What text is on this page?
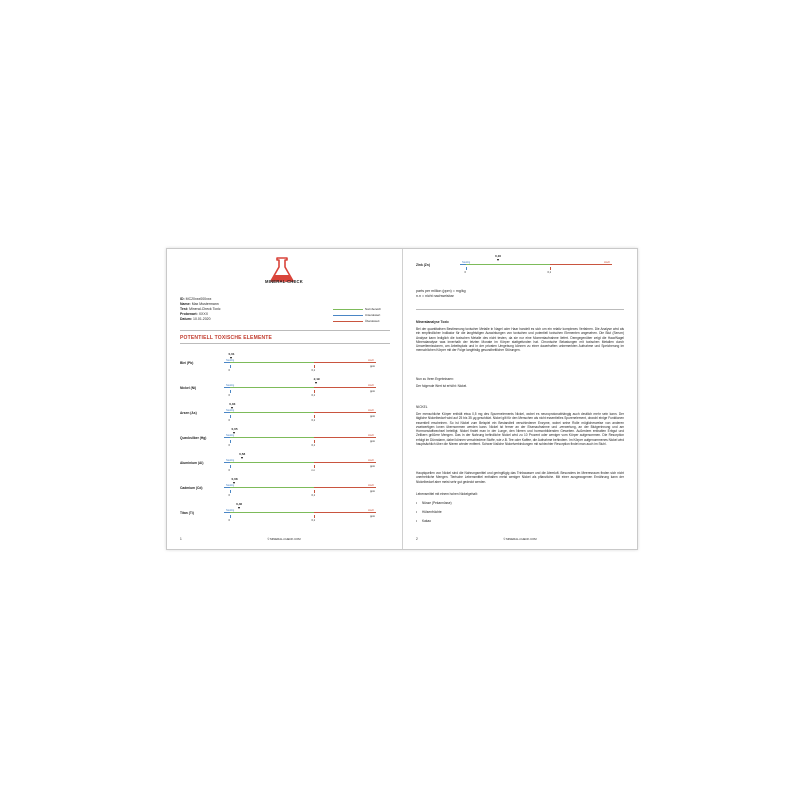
MINERAL-CHECK
ID: MC20xxx000xxx
Name: Max Mustermann
Test: Mineral-Check Toxic
Probenart: XXXX
Datum: 10.01.2020
Normbereich
Unterdosiert
Überdosiert
POTENTIELL TOXISCHE ELEMENTE
Blei (Pb)
Niedrig	Hoch
ppm
0,01
0	0,1
Nickel (Ni)
Niedrig	Hoch
ppm
2,19
0	0,1
Arsen (As)
Niedrig	Hoch
ppm
0,03
0	0,1
Quecksilber (Hg)
Niedrig	Hoch
ppm
0,05
0	0,1
Aluminium (Al)
Niedrig	Hoch
ppm
0,58
0	n.n
Cadmium (Cd)
Niedrig	Hoch
ppm
0,08
0	0,1
Titan (Ti)
Niedrig	Hoch
ppm
0,46
0	0,1
1	© MINERAL-CHECK.COM
Zink (Zn)
Niedrig	Hoch
0,16
0	0,1
parts per million (ppm) = mg/kg
n.n = nicht nachweisbar
Mineralanalyse Toxic
Bei der quantitativen Bestimmung toxischer Metalle in Nagel oder Haar handelt es sich um ein relativ komplexes Verfahren. Die Analyse wird als ein empfindlicher Indikator für die langfristigen Auswirkungen von toxischen und potentiell toxischen Elementen angesehen. Die Blut (Serum) Analyse kann lediglich die toxischen Metalle des nicht testen, da sie nur eine Momentaufnahme liefert. Demgegenüber zeigt die Haar/Nagel Mineralanalyse was innerhalb der letzten Monate im Körper stattgefunden hat. Chronische Belastungen mit toxischen Metallen durch Umweltemissionen, am Arbeitsplatz und in der privaten Umgebung können zu einer dauerhaften unbemerkten Aufnahme und Speicherung im menschlichen Körper mit der Folge langfristig gesundheitlicher Störungen.
Nun zu Ihren Ergebnissen:
Der folgende Wert ist erhöht: Nickel.
NICKEL
Der menschliche Körper enthält etwa 0,5 mg des Spurenelements Nickel, wobei es neuroprotonabhängig auch deutlich mehr sein kann. Der tägliche Nickelbedarf wird auf 25 bis 35 µg geschätzt. Nickel gilt für den Menschen als nicht essentielles Spurenelement, obwohl einige Funktionen essentiell erscheinen. So ist Nickel zum Beispiel ein Bestandteil verschiedener Enzyme, wobei seine Rolle möglicherweise von anderen zweiwertigen Ionen übernommen werden kann. Nickel ist ferner an der Eisenaufnahme und -verwertung, an der Blutgerinnung und am Hormonstoffwechsel beteiligt. Nickel findet man in der Lunge, den Nieren und hormonbildenden Geweben. Außerdem enthalten Erbgut und Zellkern größere Mengen. Das in der Nahrung befindliche Nickel wird zu 10 Prozent oder weniger vom Körper aufgenommen. Die Resorption erfolgt im Dünndarm, dabei können verschiedene Stoffe, wie z.B. Tee oder Kaffee, die Aufnahme behindern. Im Körper aufgenommenes Nickel wird hauptsächlich über die Nieren wieder entfernt. Schwer lösliche Nickelverbindungen mit schlechter Resorption findet man auch im Stuhl.
Hauptquellen von Nickel sind die Nahrungsmittel und geringfügig das Trinkwasser und die Atemluft. Besonders im Meeresraum finden sich nicht unerhebliche Mengen. Tierische Lebensmittel enthalten meist weniger Nickel als pflanzliche. Mit einer ausgewogenen Ernährung kann der Nickelbedarf aber meist sehr gut gedeckt werden.
Lebensmittel mit einem hohen Nickelgehalt:
• Nüsse (Pekannüsse)
• Hülsenfrüchte
• Kakao
2	© MINERAL-CHECK.COM
